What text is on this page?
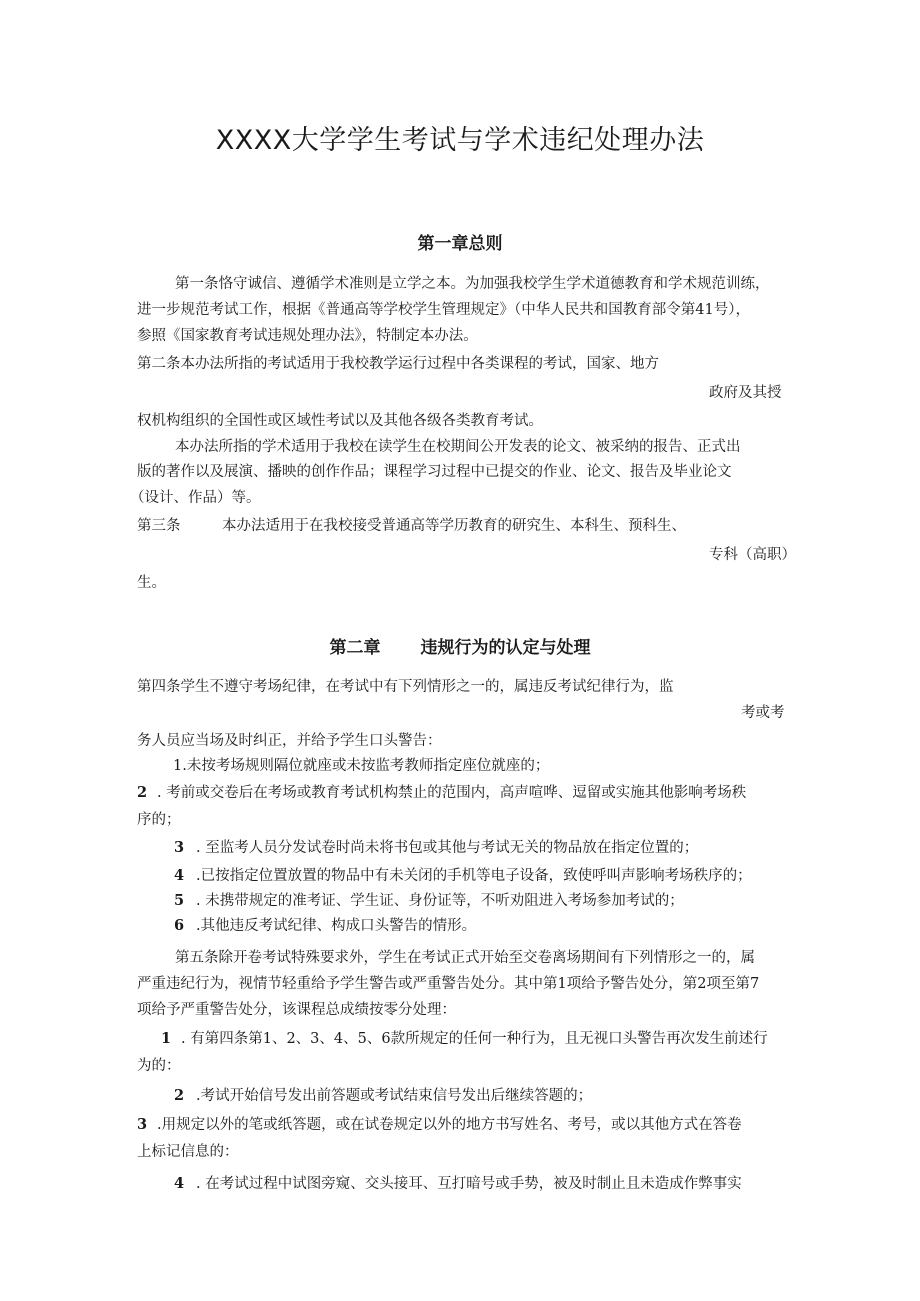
XXXX大学学生考试与学术违纪处理办法
第一章总则

第一条恪守诚信、遵循学术准则是立学之本。为加强我校学生学术道德教育和学术规范训练，

进一步规范考试工作，根据《普通高等学校学生管理规定》（中华人民共和国教育部令第41号），

参照《国家教育考试违规处理办法》，特制定本办法。

第二条本办法所指的考试适用于我校教学运行过程中各类课程的考试，国家、地方

政府及其授

权机构组织的全国性或区域性考试以及其他各级各类教育考试。

本办法所指的学术适用于我校在读学生在校期间公开发表的论文、被采纳的报告、正式出

版的著作以及展演、播映的创作作品；课程学习过程中已提交的作业、论文、报告及毕业论文

（设计、作品）等。

第三条	本办法适用于在我校接受普通高等学历教育的研究生、本科生、预科生、

专科（高职）

生。

第二章 违规行为的认定与处理

第四条学生不遵守考场纪律，在考试中有下列情形之一的，属违反考试纪律行为，监

考或考

务人员应当场及时纠正，并给予学生口头警告：

1.未按考场规则隔位就座或未按监考教师指定座位就座的；

2 . 考前或交卷后在考场或教育考试机构禁止的范围内，高声喧哗、逗留或实施其他影响考场秩

序的；

3 . 至监考人员分发试卷时尚未将书包或其他与考试无关的物品放在指定位置的；

4 .已按指定位置放置的物品中有未关闭的手机等电子设备，致使呼叫声影响考场秩序的；

5 . 未携带规定的准考证、学生证、身份证等，不听劝阻进入考场参加考试的；

6 .其他违反考试纪律、构成口头警告的情形。

第五条除开卷考试特殊要求外，学生在考试正式开始至交卷离场期间有下列情形之一的，属

严重违纪行为，视情节轻重给予学生警告或严重警告处分。其中第1项给予警告处分，第2项至第7

项给予严重警告处分，该课程总成绩按零分处理：

1 . 有第四条第1、2、3、4、5、6款所规定的任何一种行为，且无视口头警告再次发生前述行

为的：

2 .考试开始信号发出前答题或考试结束信号发出后继续答题的；

3 .用规定以外的笔或纸答题，或在试卷规定以外的地方书写姓名、考号，或以其他方式在答卷

上标记信息的：

4 . 在考试过程中试图旁窥、交头接耳、互打暗号或手势，被及时制止且未造成作弊事实
